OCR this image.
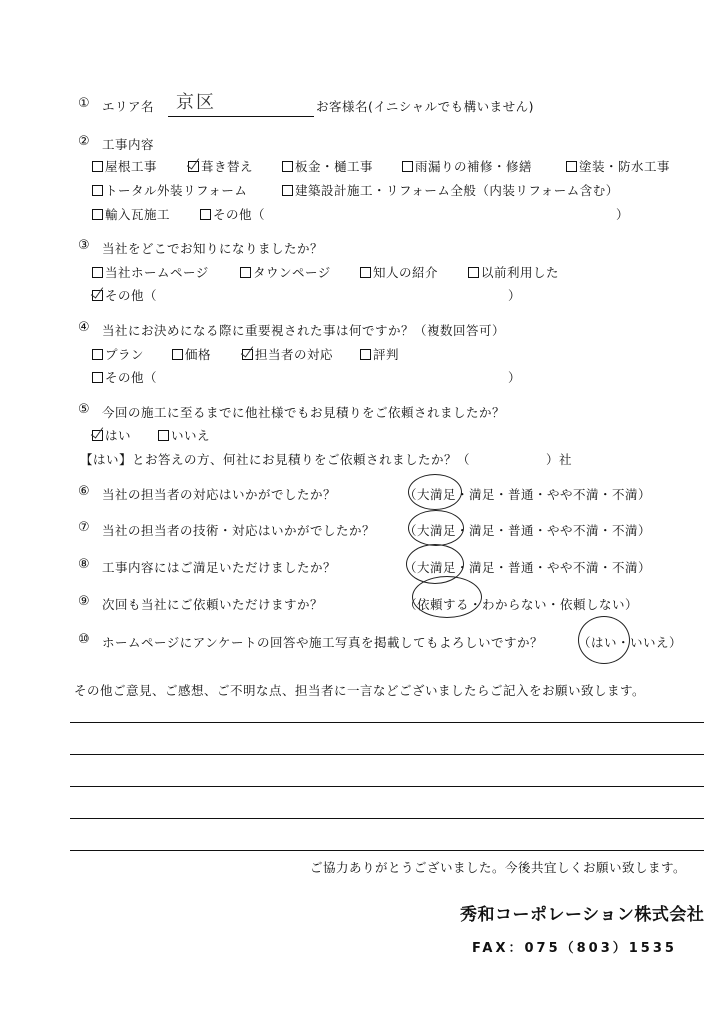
① エリア名 京区	お客様名(イニシャルでも構いません)
② 工事内容
屋根工事	葺き替え	板金・樋工事	雨漏りの補修・修繕	塗装・防水工事
トータル外装リフォーム	建築設計施工・リフォーム全般（内装リフォーム含む）
輸入瓦施工	その他（	）
③ 当社をどこでお知りになりましたか？
当社ホームページ	タウンページ	知人の紹介	以前利用した
その他（	）
④ 当社にお決めになる際に重要視された事は何ですか？（複数回答可）
プラン	価格	担当者の対応	評判
その他（	）
⑤ 今回の施工に至るまでに他社様でもお見積りをご依頼されましたか？
はい	いいえ
【はい】とお答えの方、何社にお見積りをご依頼されましたか？（	）社
⑥ 当社の担当者の対応はいかがでしたか？	（大満足・満足・普通・やや不満・不満）
⑦ 当社の担当者の技術・対応はいかがでしたか？ （大満足・満足・普通・やや不満・不満）
⑧ 工事内容にはご満足いただけましたか？	（大満足・満足・普通・やや不満・不満）
⑨ 次回も当社にご依頼いただけますか？	（依頼する・わからない・依頼しない）
⑩ ホームページにアンケートの回答や施工写真を掲載してもよろしいですか？	（はい・いいえ）
その他ご意見、ご感想、ご不明な点、担当者に一言などございましたらご記入をお願い致します。
ご協力ありがとうございました。今後共宜しくお願い致します。
秀和コーポレーション株式会社
FAX：075（803）1535
